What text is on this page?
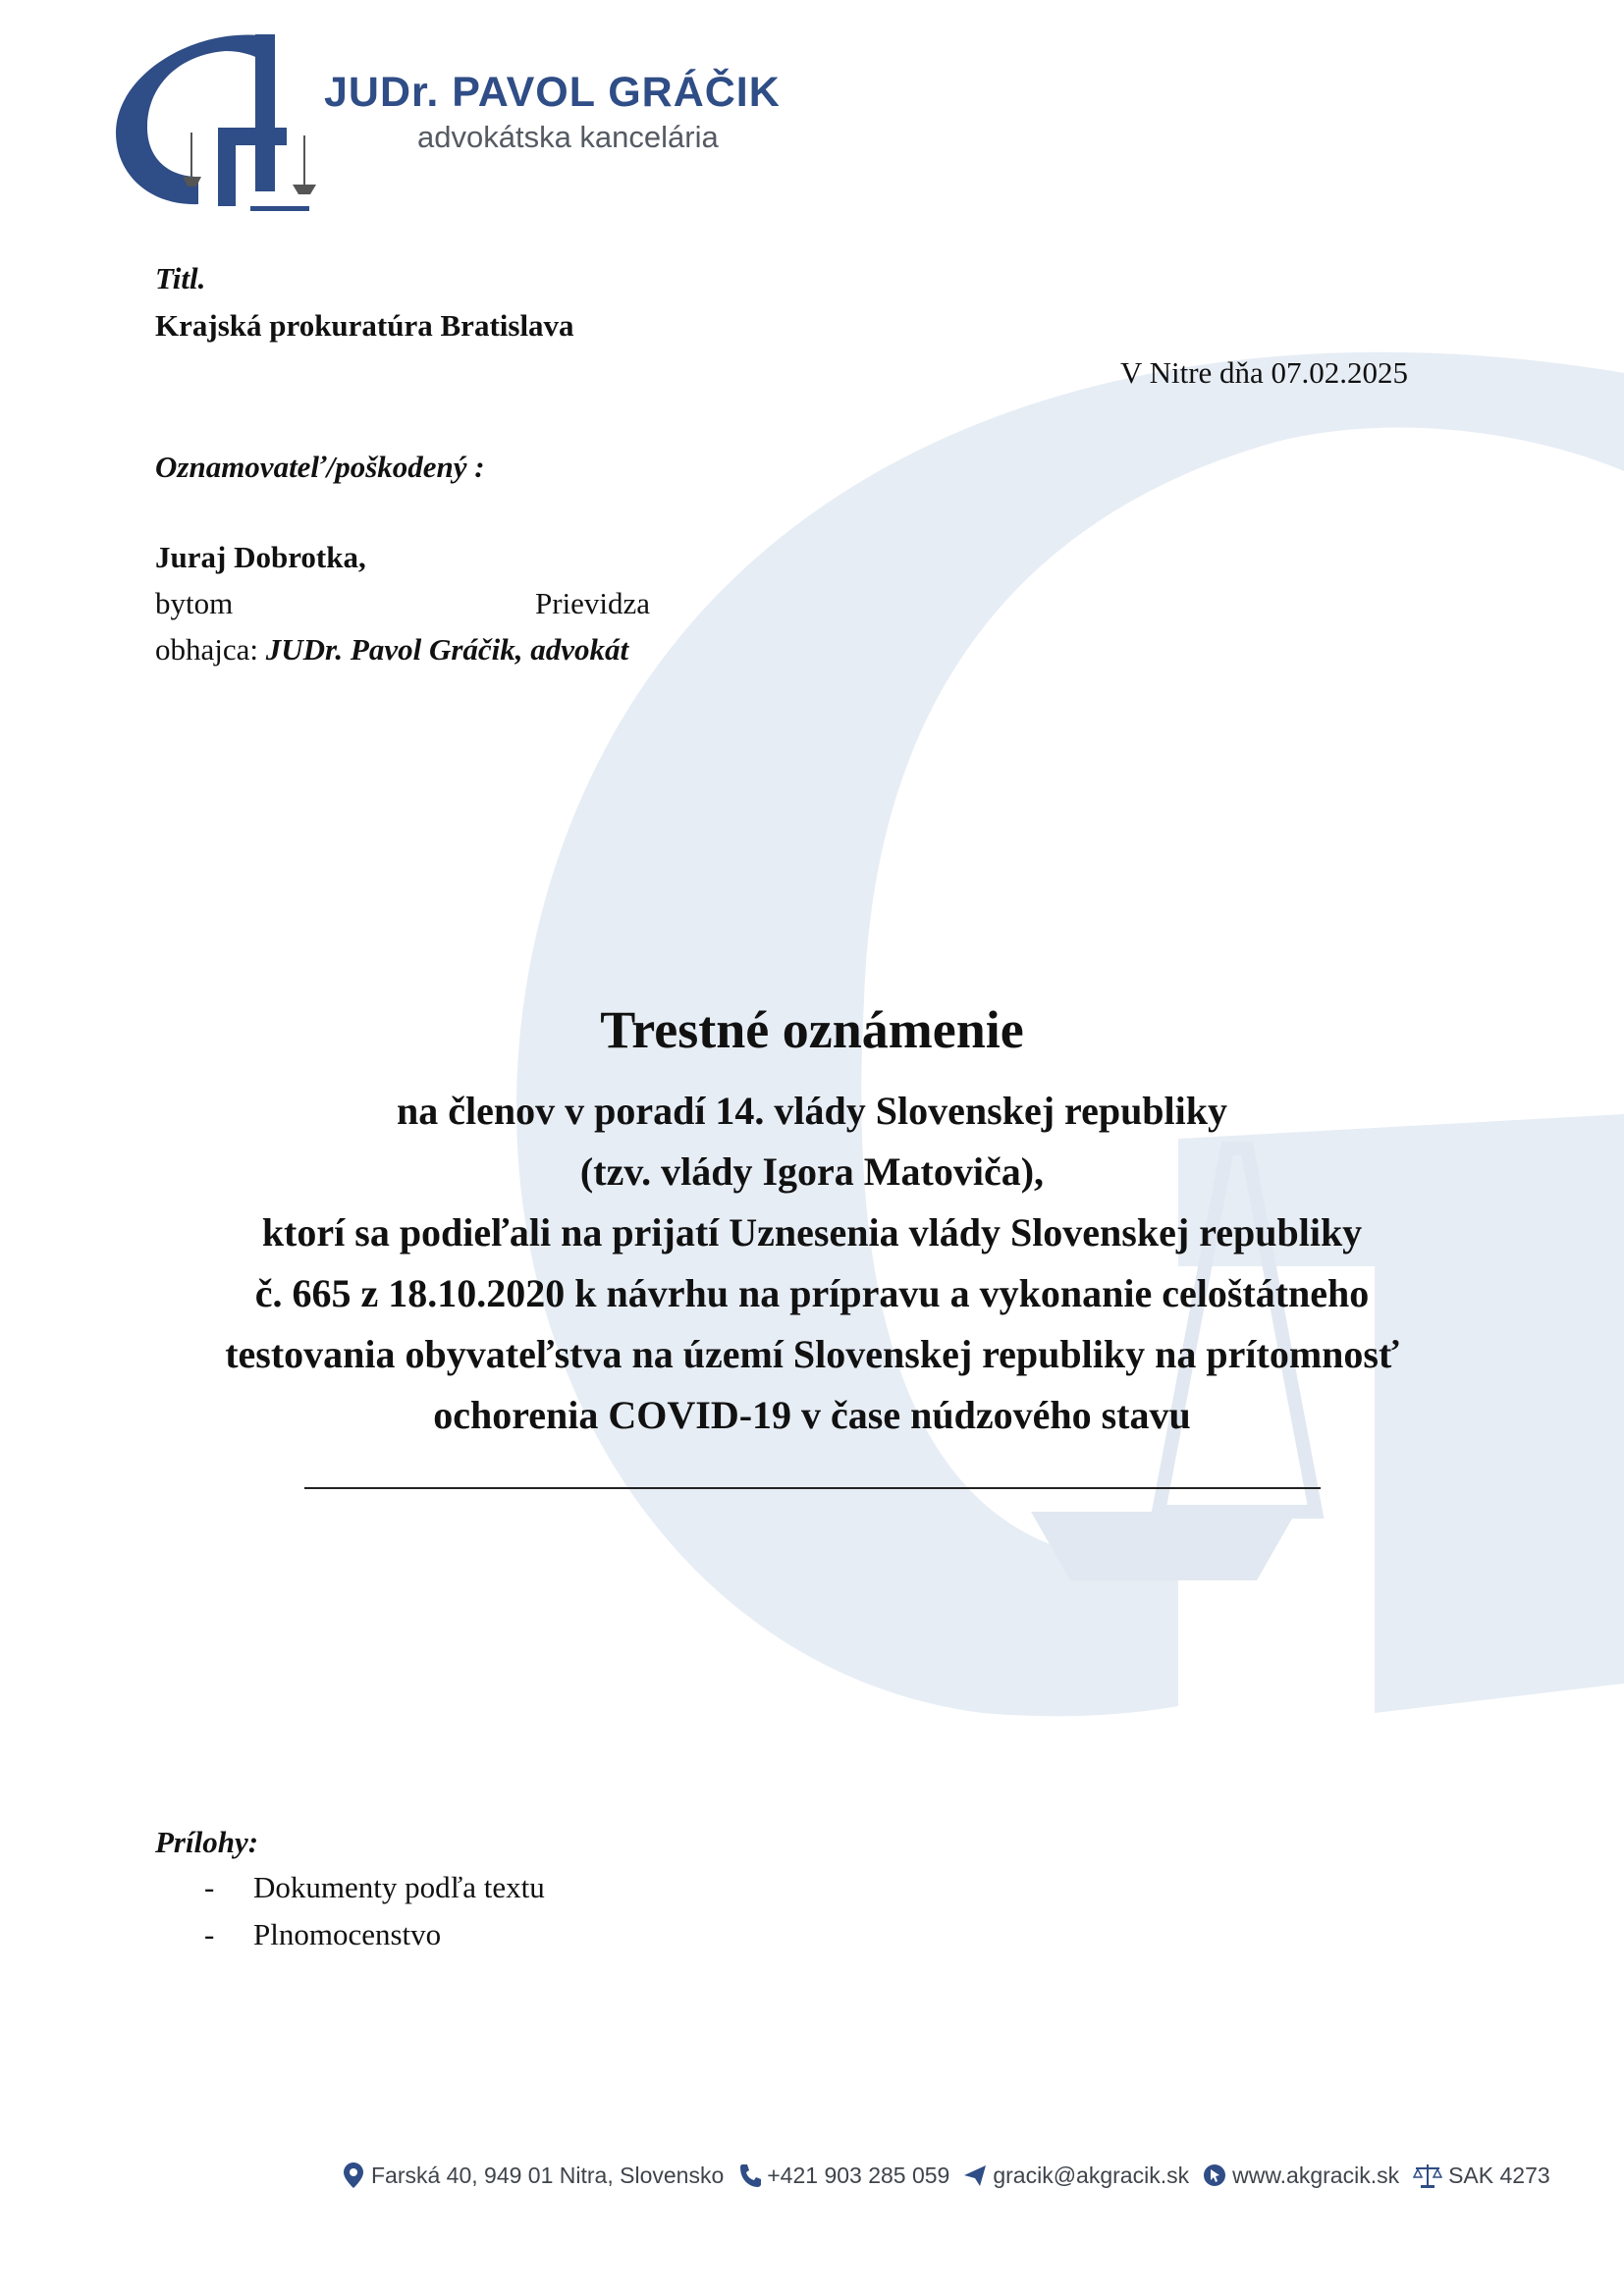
JUDr. PAVOL GRÁČIK

advokátska kancelária

Titl.
Krajská prokuratúra Bratislava
V Nitre dňa 07.02.2025
Oznamovateľ/poškodený :
Juraj Dobrotka,
bytom	Prievidza
obhajca: JUDr. Pavol Gráčik, advokát
Trestné oznámenie

na členov v poradí 14. vlády Slovenskej republiky

(tzv. vlády Igora Matoviča),

ktorí sa podieľali na prijatí Uznesenia vlády Slovenskej republiky

č. 665 z 18.10.2020 k návrhu na prípravu a vykonanie celoštátneho

testovania obyvateľstva na území Slovenskej republiky na prítomnosť

ochorenia COVID-19 v čase núdzového stavu

Prílohy:
- Dokumenty podľa textu
- Plnomocenstvo
Farská 40, 949 01 Nitra, Slovensko +421 903 285 059 gracik@akgracik.sk www.akgracik.sk SAK 4273
